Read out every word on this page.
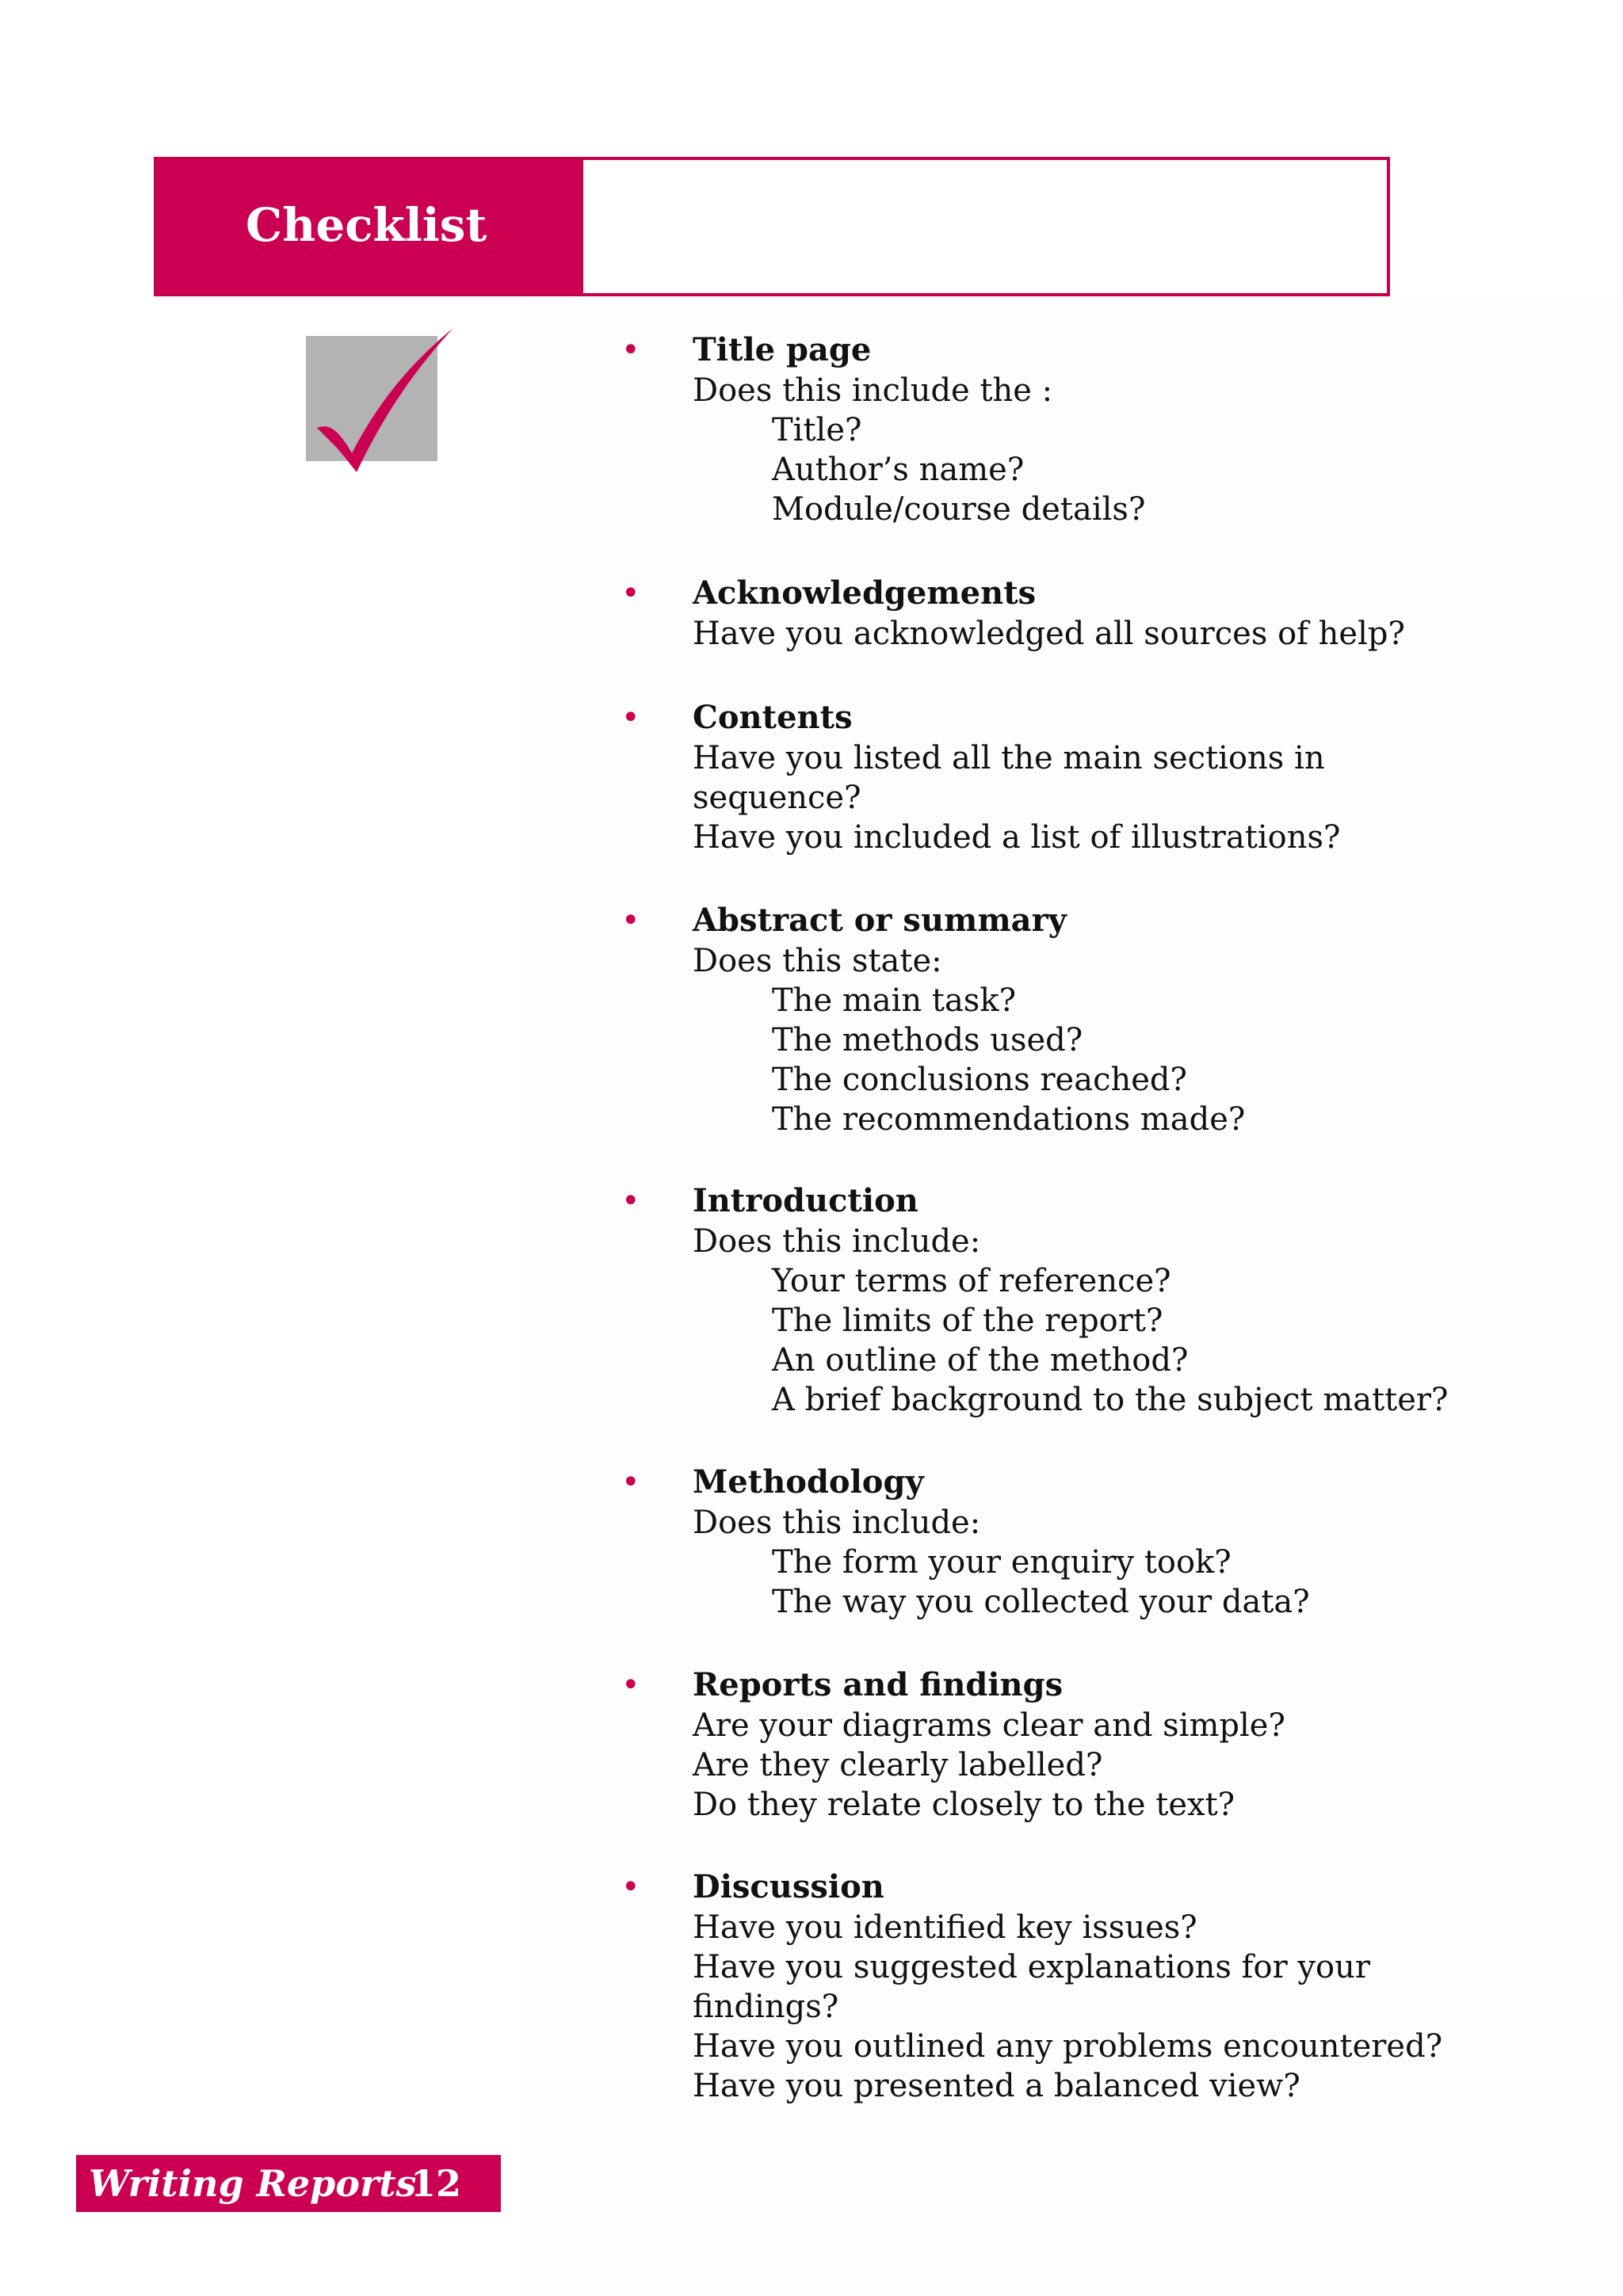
Checklist
•	Title page
Does this include the :
Title?
Author’s name?
Module/course details?
•	Acknowledgements
Have you acknowledged all sources of help?
•	Contents
Have you listed all the main sections in
sequence?
Have you included a list of illustrations?
•	Abstract or summary
Does this state:
The main task?
The methods used?
The conclusions reached?
The recommendations made?
•	Introduction
Does this include:
Your terms of reference?
The limits of the report?
An outline of the method?
A brief background to the subject matter?
•	Methodology
Does this include:
The form your enquiry took?
The way you collected your data?
•	Reports and findings
Are your diagrams clear and simple?
Are they clearly labelled?
Do they relate closely to the text?
•	Discussion
Have you identified key issues?
Have you suggested explanations for your
findings?
Have you outlined any problems encountered?
Have you presented a balanced view?
Writing Reports
12
